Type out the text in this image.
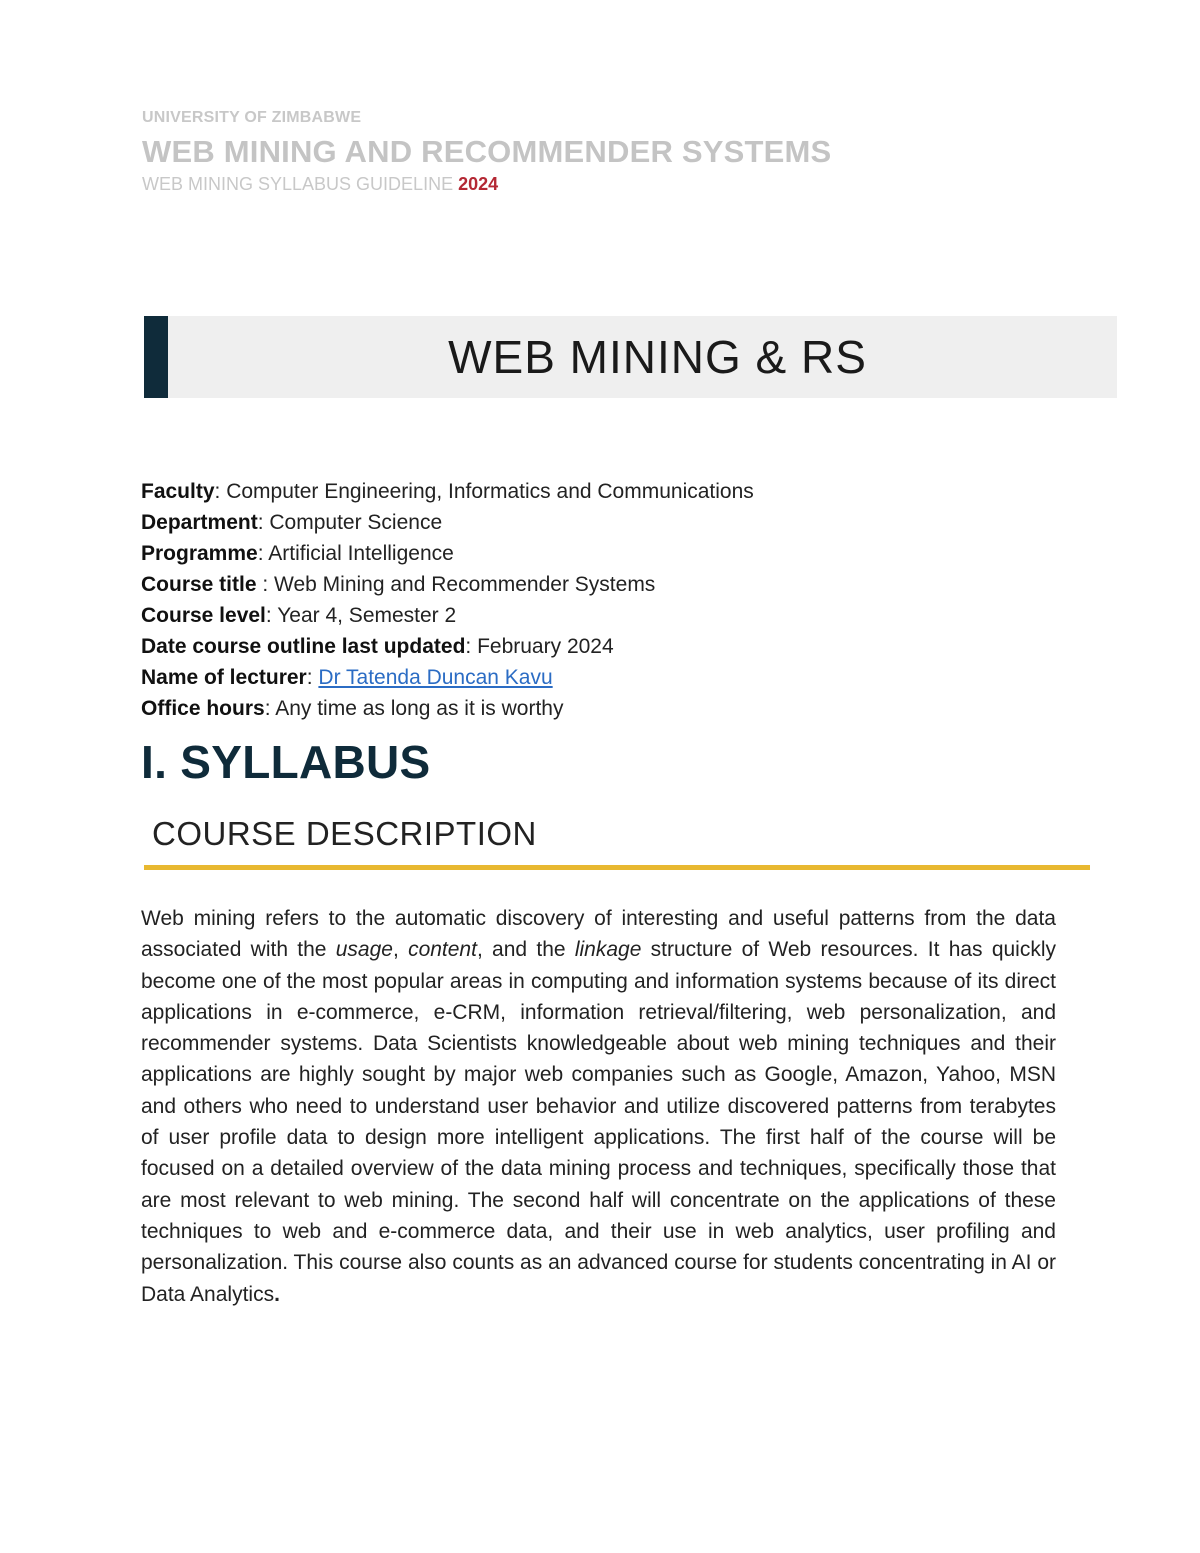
UNIVERSITY OF ZIMBABWE
WEB MINING AND RECOMMENDER SYSTEMS
WEB MINING SYLLABUS GUIDELINE 2024
WEB MINING & RS
Faculty: Computer Engineering, Informatics and Communications
Department: Computer Science
Programme: Artificial Intelligence
Course title : Web Mining and Recommender Systems
Course level: Year 4, Semester 2
Date course outline last updated: February 2024
Name of lecturer: Dr Tatenda Duncan Kavu
Office hours: Any time as long as it is worthy
I. SYLLABUS
COURSE DESCRIPTION
Web mining refers to the automatic discovery of interesting and useful patterns from the data associated with the usage, content, and the linkage structure of Web resources. It has quickly become one of the most popular areas in computing and information systems because of its direct applications in e-commerce, e-CRM, information retrieval/filtering, web personalization, and recommender systems. Data Scientists knowledgeable about web mining techniques and their applications are highly sought by major web companies such as Google, Amazon, Yahoo, MSN and others who need to understand user behavior and utilize discovered patterns from terabytes of user profile data to design more intelligent applications. The first half of the course will be focused on a detailed overview of the data mining process and techniques, specifically those that are most relevant to web mining. The second half will concentrate on the applications of these techniques to web and e-commerce data, and their use in web analytics, user profiling and personalization. This course also counts as an advanced course for students concentrating in AI or Data Analytics.
